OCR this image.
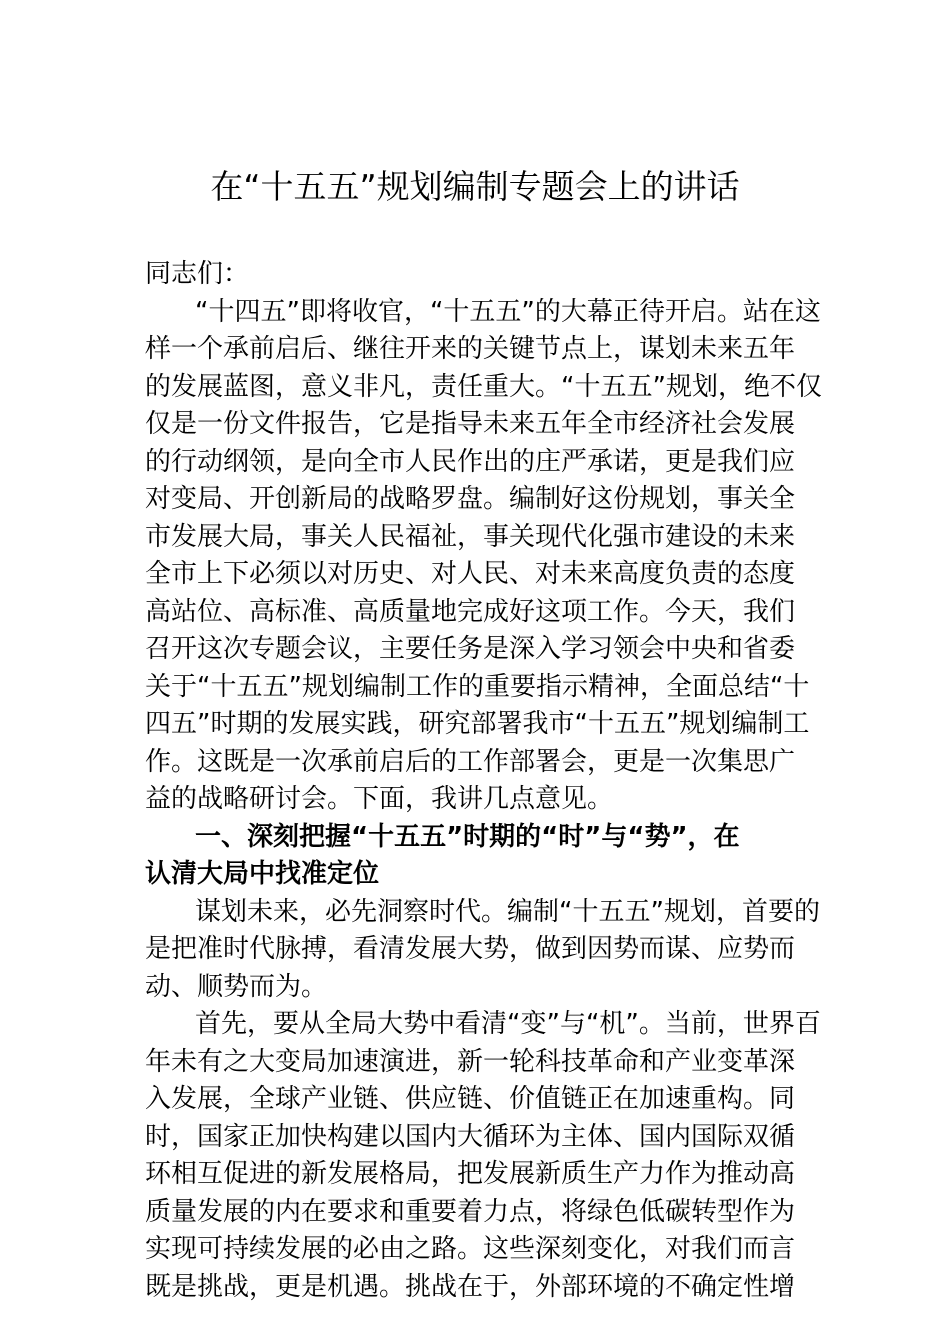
在“十五五”规划编制专题会上的讲话

同志们：

“十四五”即将收官，“十五五”的大幕正待开启。站在这

样一个承前启后、继往开来的关键节点上，谋划未来五年

的发展蓝图，意义非凡，责任重大。“十五五”规划，绝不仅

仅是一份文件报告，它是指导未来五年全市经济社会发展

的行动纲领，是向全市人民作出的庄严承诺，更是我们应

对变局、开创新局的战略罗盘。编制好这份规划，事关全

市发展大局，事关人民福祉，事关现代化强市建设的未来

全市上下必须以对历史、对人民、对未来高度负责的态度

高站位、高标准、高质量地完成好这项工作。今天，我们

召开这次专题会议，主要任务是深入学习领会中央和省委

关于“十五五”规划编制工作的重要指示精神，全面总结“十

四五”时期的发展实践，研究部署我市“十五五”规划编制工

作。这既是一次承前启后的工作部署会，更是一次集思广

益的战略研讨会。下面，我讲几点意见。

一、深刻把握“十五五”时期的“时”与“势”，在

认清大局中找准定位

谋划未来，必先洞察时代。编制“十五五”规划，首要的

是把准时代脉搏，看清发展大势，做到因势而谋、应势而

动、顺势而为。

首先，要从全局大势中看清“变”与“机”。当前，世界百

年未有之大变局加速演进，新一轮科技革命和产业变革深

入发展，全球产业链、供应链、价值链正在加速重构。同

时，国家正加快构建以国内大循环为主体、国内国际双循

环相互促进的新发展格局，把发展新质生产力作为推动高

质量发展的内在要求和重要着力点，将绿色低碳转型作为

实现可持续发展的必由之路。这些深刻变化，对我们而言

既是挑战，更是机遇。挑战在于，外部环境的不确定性增
